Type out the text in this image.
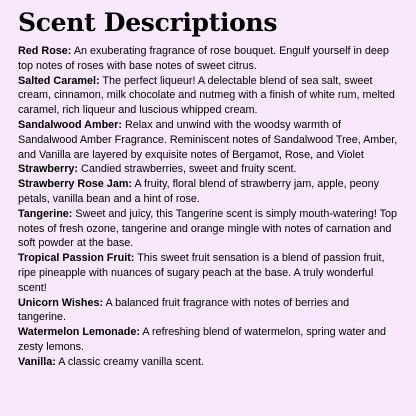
Scent Descriptions
Red Rose: An exuberating fragrance of rose bouquet. Engulf yourself in deep top notes of roses with base notes of sweet citrus.
Salted Caramel: The perfect liqueur! A delectable blend of sea salt, sweet cream, cinnamon, milk chocolate and nutmeg with a finish of white rum, melted caramel, rich liqueur and luscious whipped cream.
Sandalwood Amber: Relax and unwind with the woodsy warmth of Sandalwood Amber Fragrance. Reminiscent notes of Sandalwood Tree, Amber, and Vanilla are layered by exquisite notes of Bergamot, Rose, and Violet
Strawberry: Candied strawberries, sweet and fruity scent.
Strawberry Rose Jam: A fruity, floral blend of strawberry jam, apple, peony petals, vanilla bean and a hint of rose.
Tangerine: Sweet and juicy, this Tangerine scent is simply mouth-watering! Top notes of fresh ozone, tangerine and orange mingle with notes of carnation and soft powder at the base.
Tropical Passion Fruit: This sweet fruit sensation is a blend of passion fruit, ripe pineapple with nuances of sugary peach at the base. A truly wonderful scent!
Unicorn Wishes: A balanced fruit fragrance with notes of berries and tangerine.
Watermelon Lemonade: A refreshing blend of watermelon, spring water and zesty lemons.
Vanilla: A classic creamy vanilla scent.
